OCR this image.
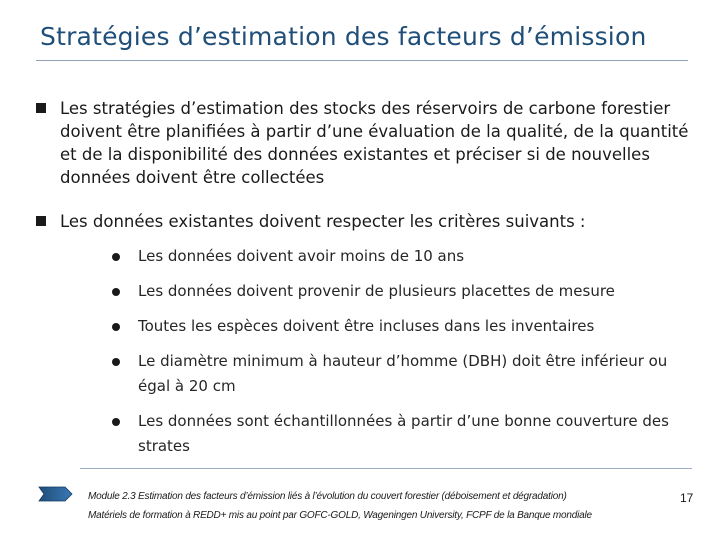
Stratégies d’estimation des facteurs d’émission
Les stratégies d’estimation des stocks des réservoirs de carbone forestier doivent être planifiées à partir d’une évaluation de la qualité, de la quantité et de la disponibilité des données existantes et préciser si de nouvelles données doivent être collectées
Les données existantes doivent respecter les critères suivants :
Les données doivent avoir moins de 10 ans
Les données doivent provenir de plusieurs placettes de mesure
Toutes les espèces doivent être incluses dans les inventaires
Le diamètre minimum à hauteur d’homme (DBH) doit être inférieur ou égal à 20 cm
Les données sont échantillonnées à partir d’une bonne couverture des strates
Module 2.3 Estimation des facteurs d’émission liés à l’évolution du couvert forestier (déboisement et dégradation)
Matériels de formation à REDD+ mis au point par GOFC-GOLD, Wageningen University, FCPF de la Banque mondiale
17
